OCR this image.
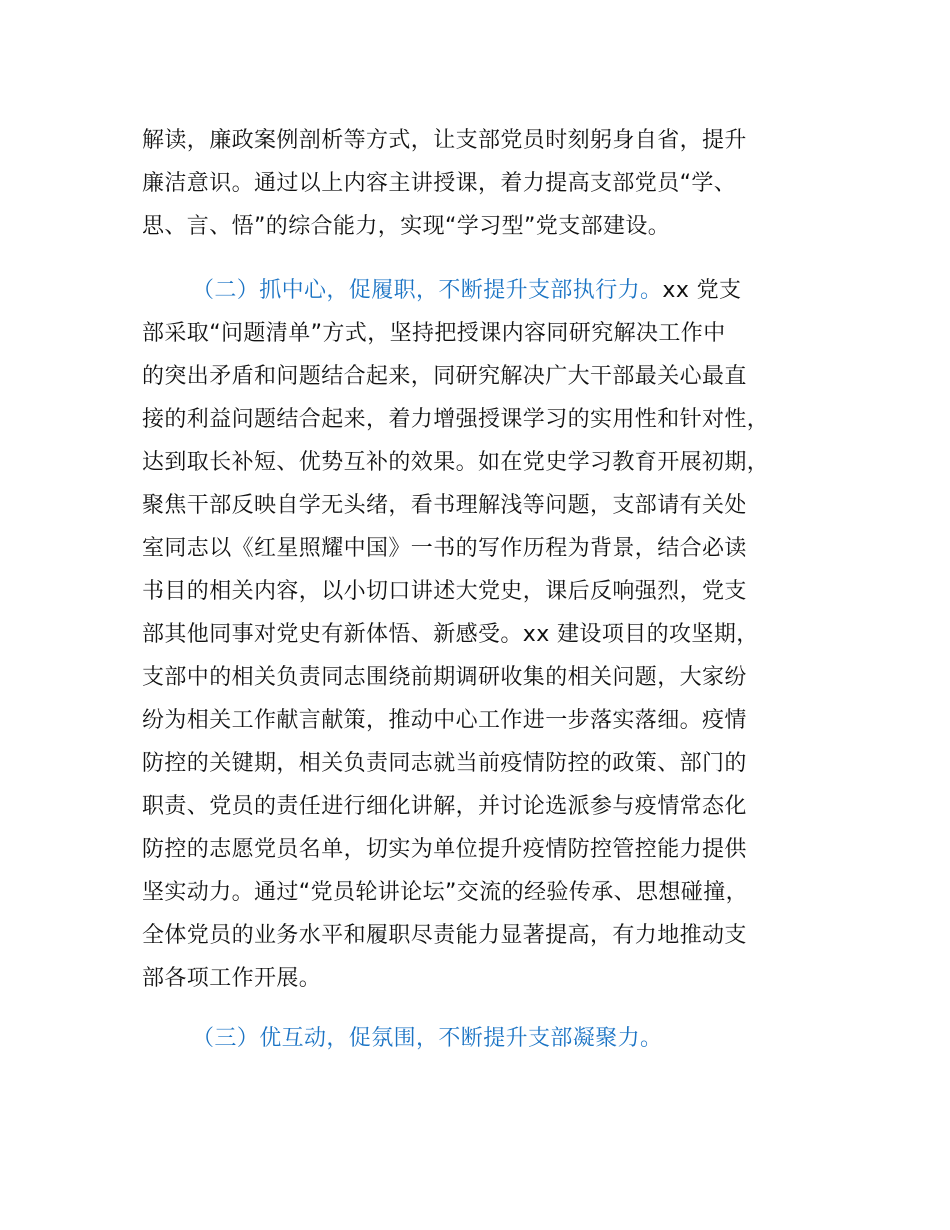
解读，廉政案例剖析等方式，让支部党员时刻躬身自省，提升
廉洁意识。通过以上内容主讲授课，着力提高支部党员“学、
思、言、悟”的综合能力，实现“学习型”党支部建设。
（二）抓中心，促履职，不断提升支部执行力。xx 党支
部采取“问题清单”方式，坚持把授课内容同研究解决工作中
的突出矛盾和问题结合起来，同研究解决广大干部最关心最直
接的利益问题结合起来，着力增强授课学习的实用性和针对性，
达到取长补短、优势互补的效果。如在党史学习教育开展初期，
聚焦干部反映自学无头绪，看书理解浅等问题，支部请有关处
室同志以《红星照耀中国》一书的写作历程为背景，结合必读
书目的相关内容，以小切口讲述大党史，课后反响强烈，党支
部其他同事对党史有新体悟、新感受。xx 建设项目的攻坚期，
支部中的相关负责同志围绕前期调研收集的相关问题，大家纷
纷为相关工作献言献策，推动中心工作进一步落实落细。疫情
防控的关键期，相关负责同志就当前疫情防控的政策、部门的
职责、党员的责任进行细化讲解，并讨论选派参与疫情常态化
防控的志愿党员名单，切实为单位提升疫情防控管控能力提供
坚实动力。通过“党员轮讲论坛”交流的经验传承、思想碰撞，
全体党员的业务水平和履职尽责能力显著提高，有力地推动支
部各项工作开展。
（三）优互动，促氛围，不断提升支部凝聚力。
